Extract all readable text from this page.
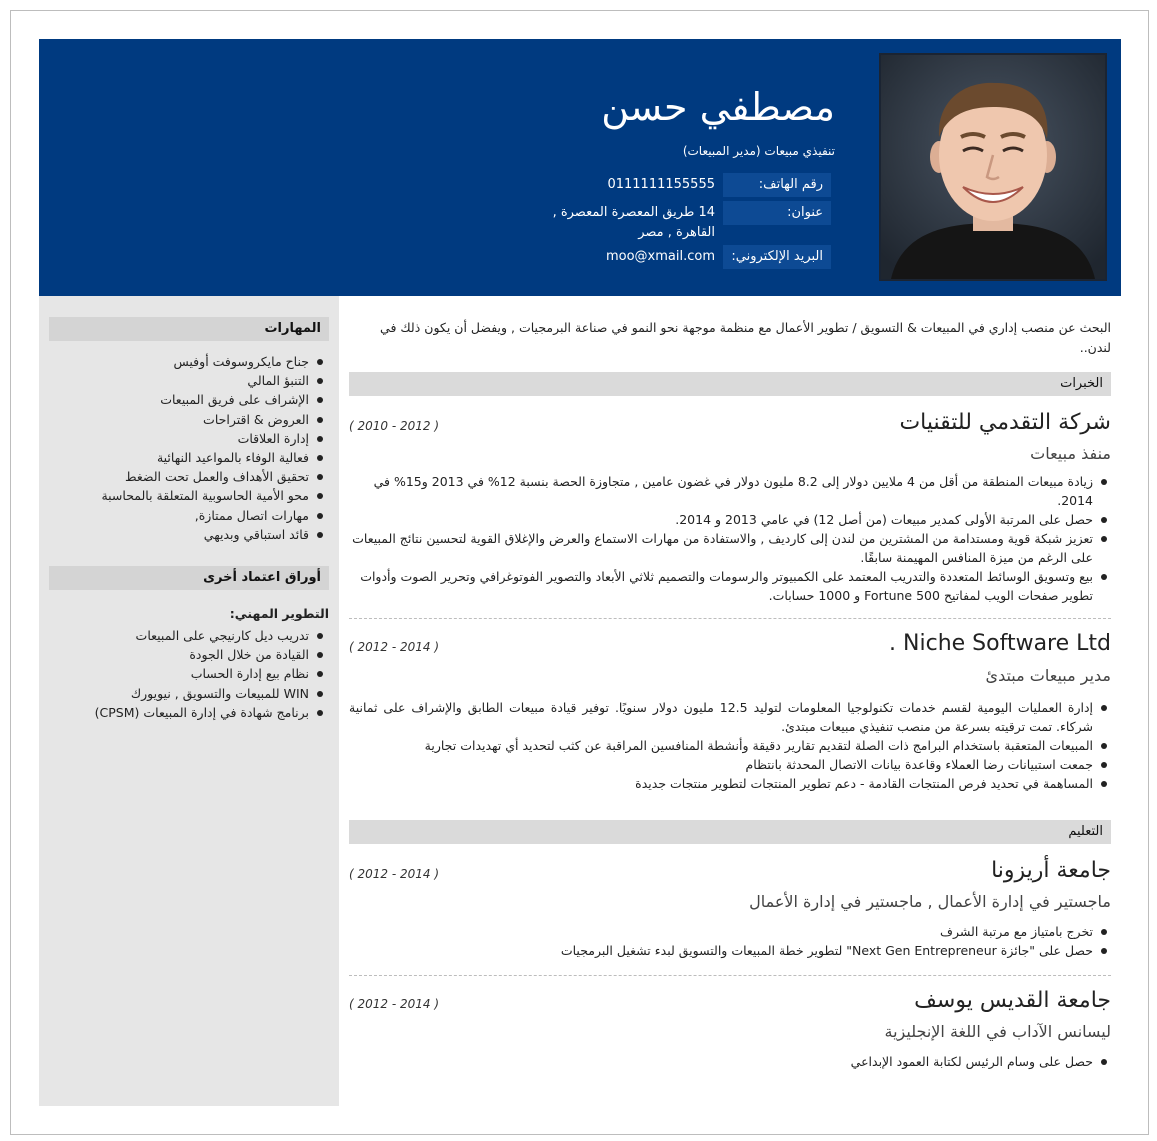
مصطفي حسن
تنفيذي مبيعات (مدير المبيعات)
رقم الهاتف:
0111111155555
عنوان:
14 طريق المعصرة المعصرة ,
القاهرة , مصر
البريد الإلكتروني:
moo@xmail.com
المهارات
جناح مايكروسوفت أوفيس
التنبؤ المالي
الإشراف على فريق المبيعات
العروض & اقتراحات
إدارة العلاقات
فعالية الوفاء بالمواعيد النهائية
تحقيق الأهداف والعمل تحت الضغط
محو الأمية الحاسوبية المتعلقة بالمحاسبة
مهارات اتصال ممتازة,
قائد استباقي وبديهي
أوراق اعتماد أخرى
التطوير المهني:
تدريب ديل كارنيجي على المبيعات
القيادة من خلال الجودة
نظام بيع إدارة الحساب
WIN للمبيعات والتسويق , نيويورك
برنامج شهادة في إدارة المبيعات (CPSM)

البحث عن منصب إداري في المبيعات & التسويق / تطوير الأعمال مع منظمة موجهة نحو النمو في صناعة البرمجيات , ويفضل أن يكون ذلك في لندن..

الخبرات
شركة التقدمي للتقنيات
( 2012 - 2010 )
منفذ مبيعات
زيادة مبيعات المنطقة من أقل من 4 ملايين دولار إلى 8.2 مليون دولار في غضون عامين , متجاوزة الحصة بنسبة 12% في 2013 و15% في 2014.
حصل على المرتبة الأولى كمدير مبيعات (من أصل 12) في عامي 2013 و 2014.
تعزيز شبكة قوية ومستدامة من المشترين من لندن إلى كارديف , والاستفادة من مهارات الاستماع والعرض والإغلاق القوية لتحسين نتائج المبيعات على الرغم من ميزة المنافس المهيمنة سابقًا.
بيع وتسويق الوسائط المتعددة والتدريب المعتمد على الكمبيوتر والرسومات والتصميم ثلاثي الأبعاد والتصوير الفوتوغرافي وتحرير الصوت وأدوات تطوير صفحات الويب لمفاتيح Fortune 500 و 1000 حسابات.
Niche Software Ltd .
( 2014 - 2012 )
مدير مبيعات مبتدئ
إدارة العمليات اليومية لقسم خدمات تكنولوجيا المعلومات لتوليد 12.5 مليون دولار سنويًا. توفير قيادة مبيعات الطابق والإشراف على ثمانية شركاء. تمت ترقيته بسرعة من منصب تنفيذي مبيعات مبتدئ.
المبيعات المتعقبة باستخدام البرامج ذات الصلة لتقديم تقارير دقيقة وأنشطة المنافسين المراقبة عن كثب لتحديد أي تهديدات تجارية
جمعت استبيانات رضا العملاء وقاعدة بيانات الاتصال المحدثة بانتظام
المساهمة في تحديد فرص المنتجات القادمة - دعم تطوير المنتجات لتطوير منتجات جديدة
التعليم
جامعة أريزونا
( 2014 - 2012 )
ماجستير في إدارة الأعمال , ماجستير في إدارة الأعمال
تخرج بامتياز مع مرتبة الشرف
حصل على "جائزة Next Gen Entrepreneur" لتطوير خطة المبيعات والتسويق لبدء تشغيل البرمجيات
جامعة القديس يوسف
( 2014 - 2012 )
ليسانس الآداب في اللغة الإنجليزية
حصل على وسام الرئيس لكتابة العمود الإبداعي
